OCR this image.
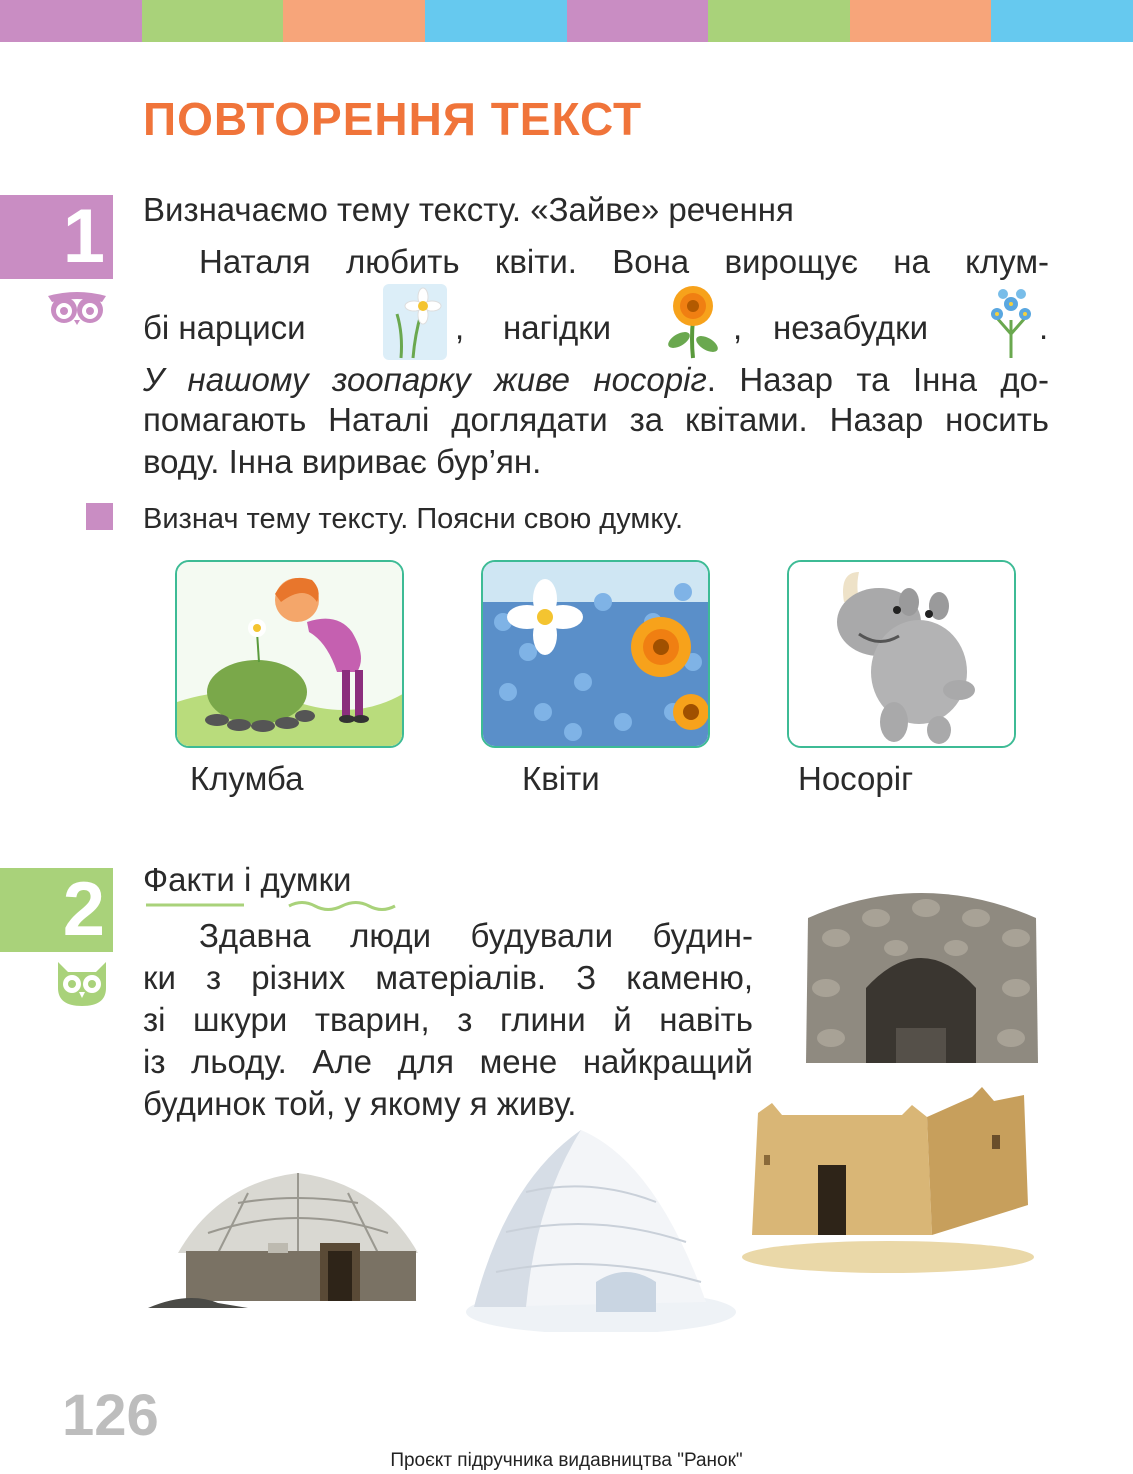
ПОВТОРЕННЯ ТЕКСТ
1 Визначаємо тему тексту. «Зайве» речення
Наталя любить квіти. Вона вирощує на клум-
бі нарциси	, нагідки	, незабудки	.
У нашому зоопарку живе носоріг. Назар та Інна до-
помагають Наталі доглядати за квітами. Назар носить
воду. Інна вириває бур’ян.
Визнач тему тексту. Поясни свою думку.
Клумба	Квіти	Носоріг
2 Факти і думки
Здавна люди будували будин-
ки з різних матеріалів. З каменю,
зі шкури тварин, з глини й навіть
із льоду. Але для мене найкращий
будинок той, у якому я живу.
126
Проєкт підручника видавництва "Ранок"
